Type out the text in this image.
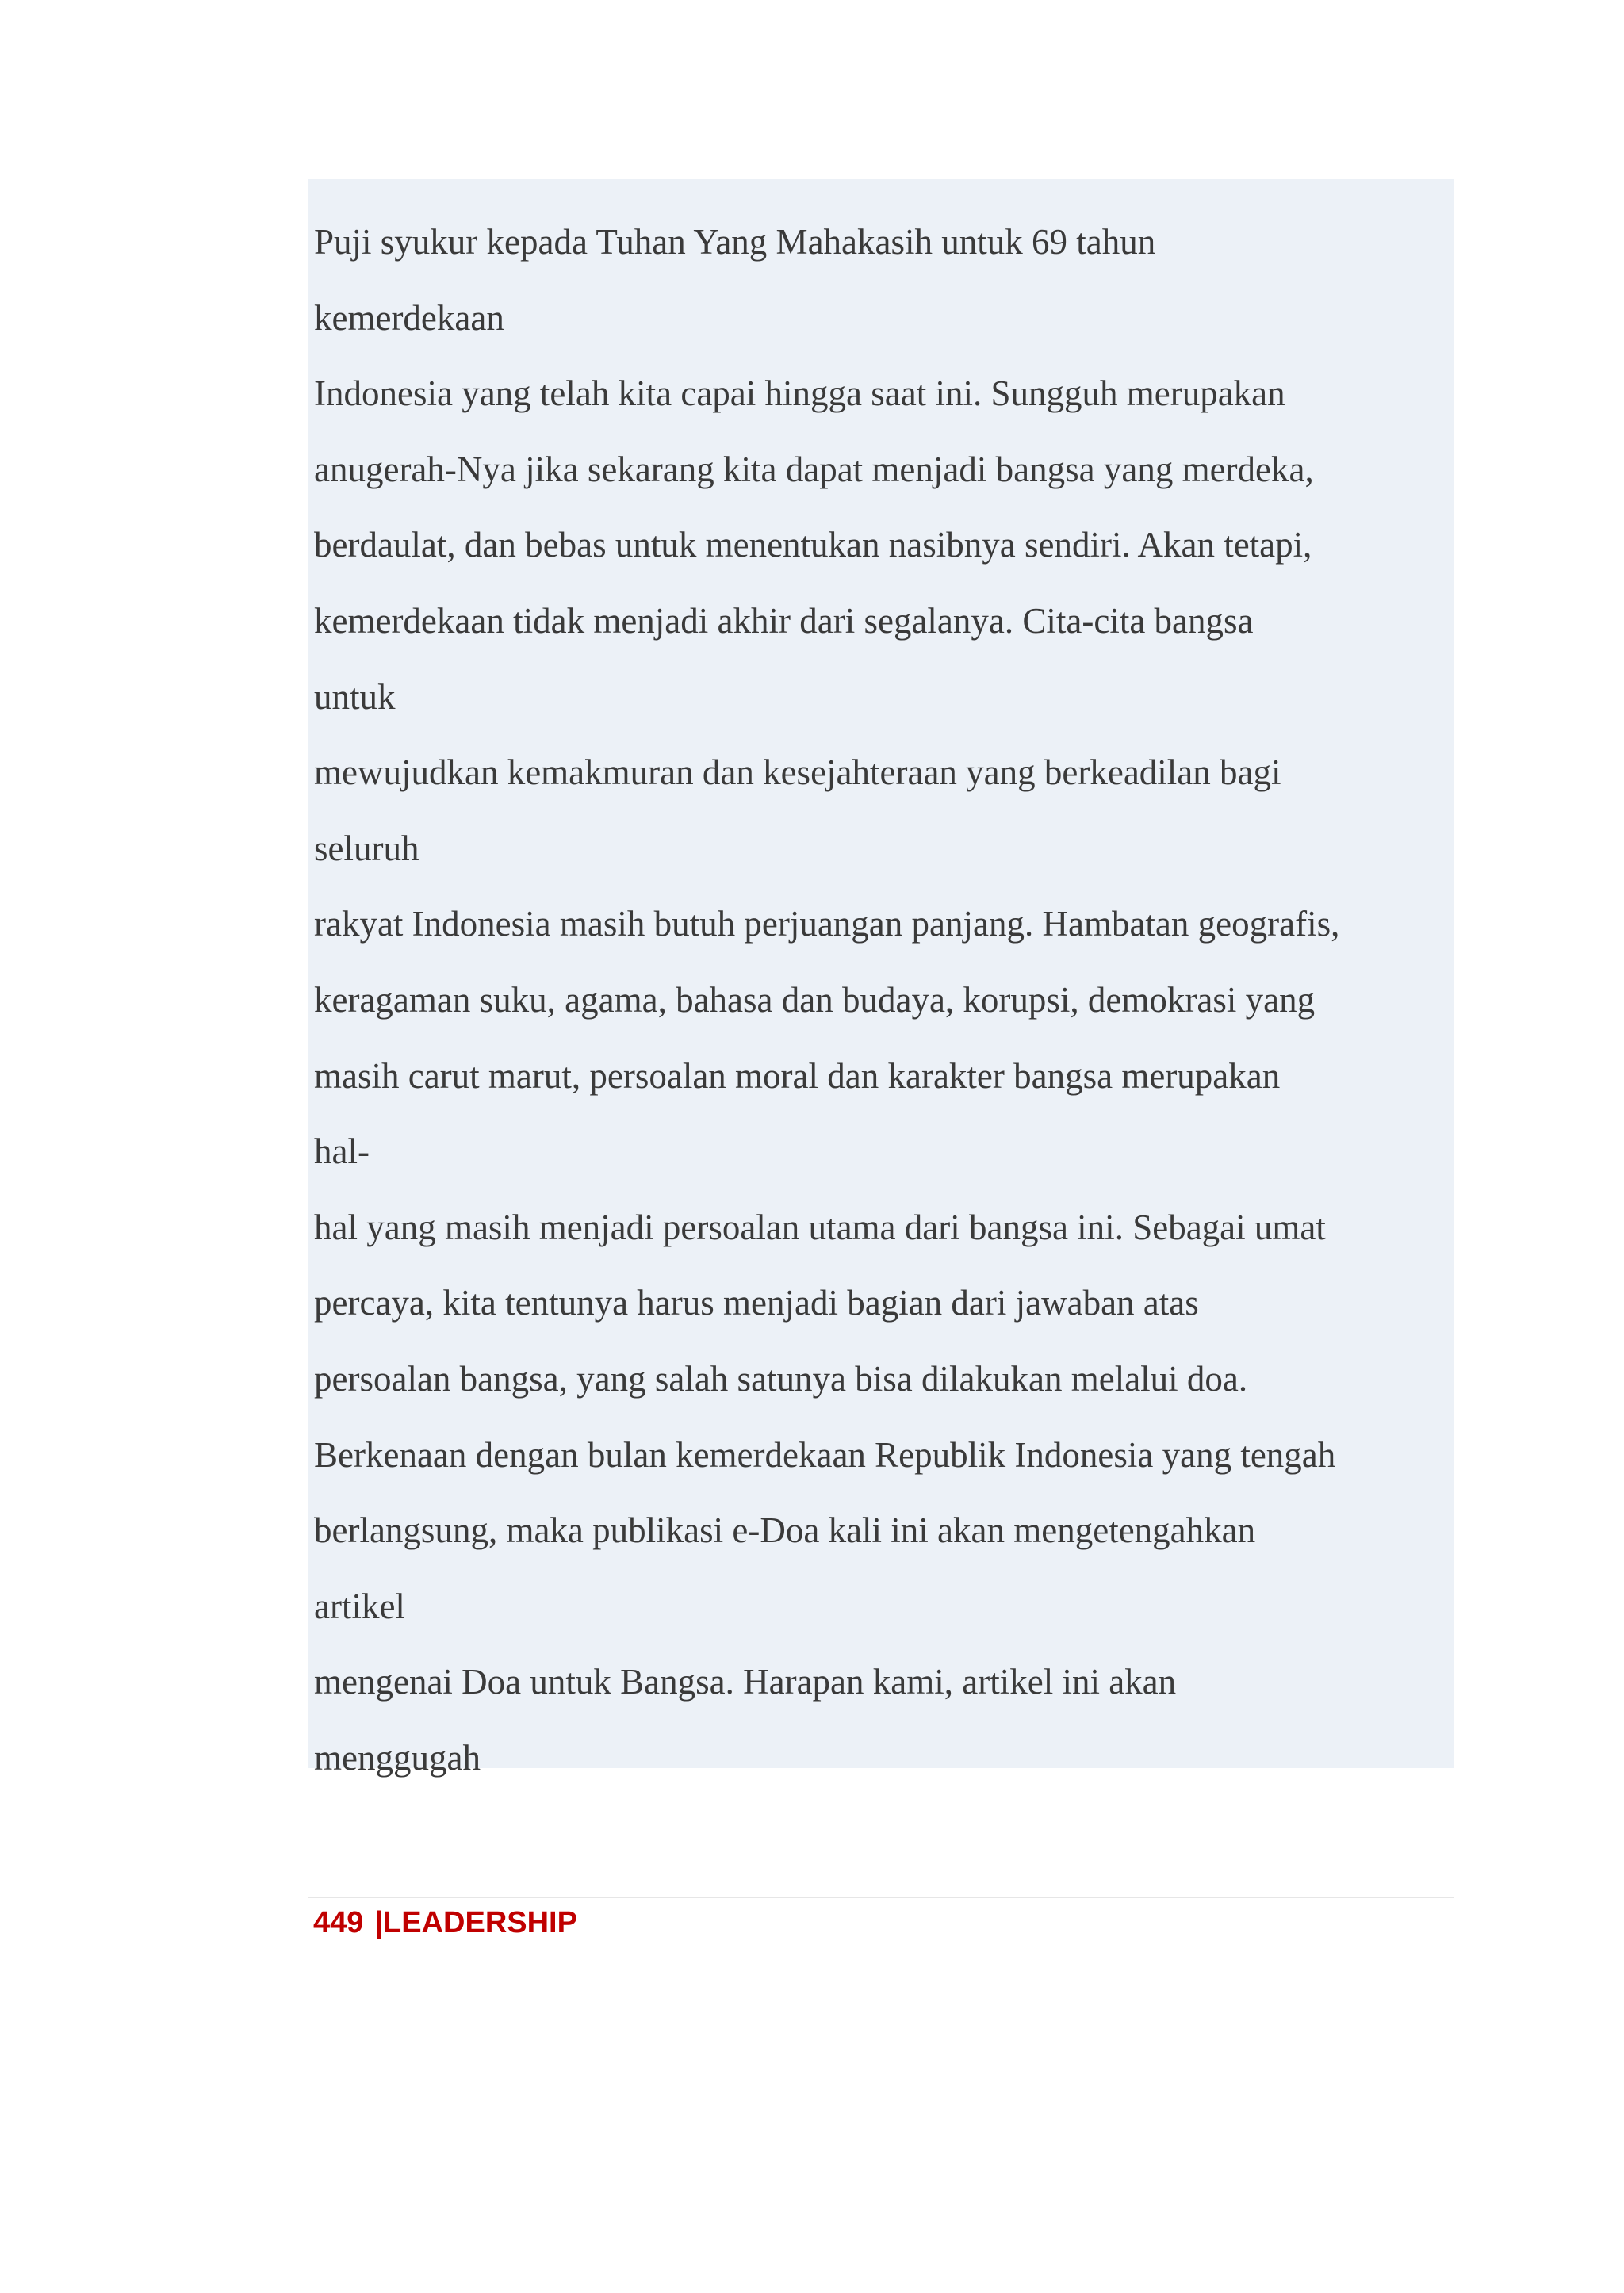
Puji syukur kepada Tuhan Yang Mahakasih untuk 69 tahun
kemerdekaan
Indonesia yang telah kita capai hingga saat ini. Sungguh merupakan
anugerah-Nya jika sekarang kita dapat menjadi bangsa yang merdeka,
berdaulat, dan bebas untuk menentukan nasibnya sendiri. Akan tetapi,
kemerdekaan tidak menjadi akhir dari segalanya. Cita-cita bangsa
untuk
mewujudkan kemakmuran dan kesejahteraan yang berkeadilan bagi
seluruh
rakyat Indonesia masih butuh perjuangan panjang. Hambatan geografis,
keragaman suku, agama, bahasa dan budaya, korupsi, demokrasi yang
masih carut marut, persoalan moral dan karakter bangsa merupakan
hal-
hal yang masih menjadi persoalan utama dari bangsa ini. Sebagai umat
percaya, kita tentunya harus menjadi bagian dari jawaban atas
persoalan bangsa, yang salah satunya bisa dilakukan melalui doa.
Berkenaan dengan bulan kemerdekaan Republik Indonesia yang tengah
berlangsung, maka publikasi e-Doa kali ini akan mengetengahkan
artikel
mengenai Doa untuk Bangsa. Harapan kami, artikel ini akan
menggugah
449 |LEADERSHIP
